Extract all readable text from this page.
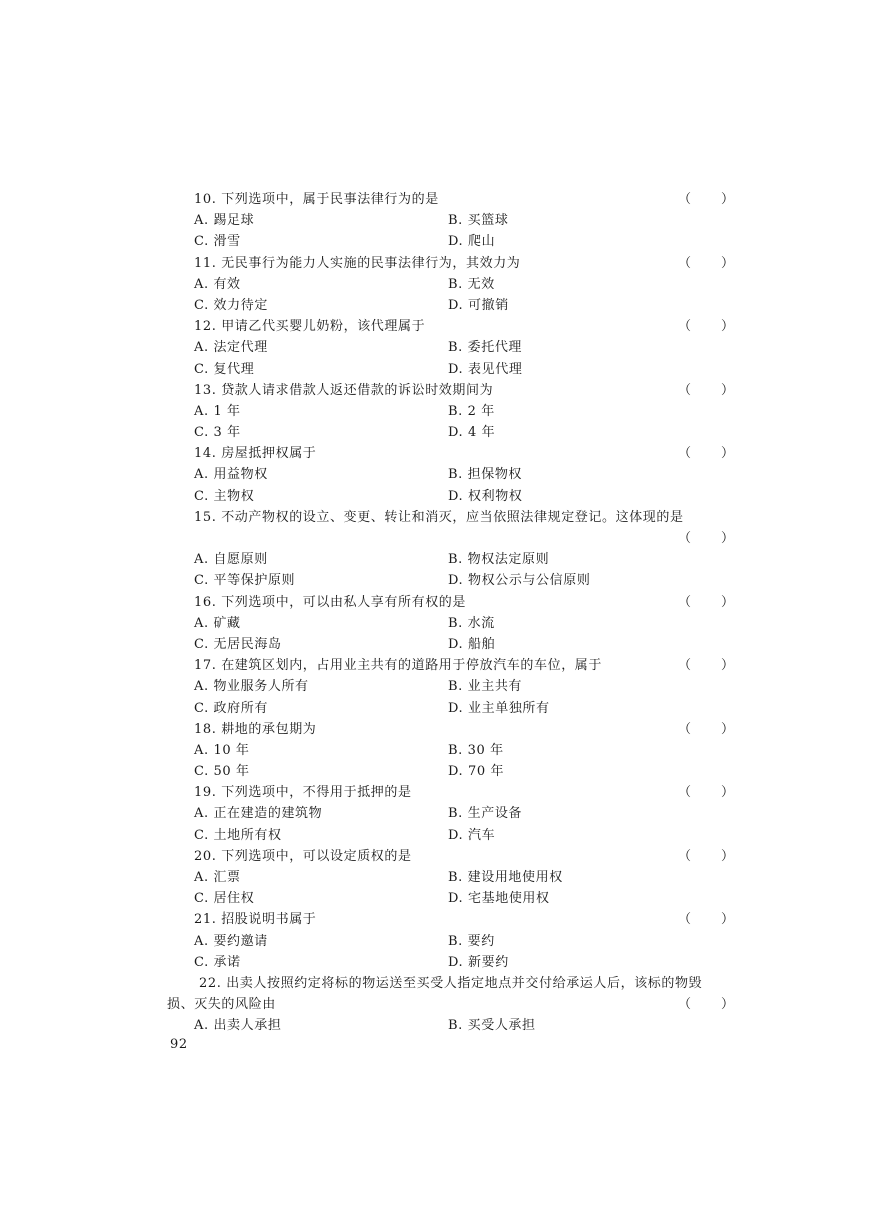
10. 下列选项中，属于民事法律行为的是	（ ）
A. 踢足球	B. 买篮球
C. 滑雪	D. 爬山
11. 无民事行为能力人实施的民事法律行为，其效力为	（ ）
A. 有效	B. 无效
C. 效力待定	D. 可撤销
12. 甲请乙代买婴儿奶粉，该代理属于	（ ）
A. 法定代理	B. 委托代理
C. 复代理	D. 表见代理
13. 贷款人请求借款人返还借款的诉讼时效期间为	（ ）
A. 1 年	B. 2 年
C. 3 年	D. 4 年
14. 房屋抵押权属于	（ ）
A. 用益物权	B. 担保物权
C. 主物权	D. 权利物权
15. 不动产物权的设立、变更、转让和消灭，应当依照法律规定登记。这体现的是
（ ）
A. 自愿原则	B. 物权法定原则
C. 平等保护原则	D. 物权公示与公信原则
16. 下列选项中，可以由私人享有所有权的是	（ ）
A. 矿藏	B. 水流
C. 无居民海岛	D. 船舶
17. 在建筑区划内，占用业主共有的道路用于停放汽车的车位，属于	（ ）
A. 物业服务人所有	B. 业主共有
C. 政府所有	D. 业主单独所有
18. 耕地的承包期为	（ ）
A. 10 年	B. 30 年
C. 50 年	D. 70 年
19. 下列选项中，不得用于抵押的是	（ ）
A. 正在建造的建筑物	B. 生产设备
C. 土地所有权	D. 汽车
20. 下列选项中，可以设定质权的是	（ ）
A. 汇票	B. 建设用地使用权
C. 居住权	D. 宅基地使用权
21. 招股说明书属于	（ ）
A. 要约邀请	B. 要约
C. 承诺	D. 新要约
22. 出卖人按照约定将标的物运送至买受人指定地点并交付给承运人后，该标的物毁
损、灭失的风险由	（ ）
A. 出卖人承担	B. 买受人承担
92
